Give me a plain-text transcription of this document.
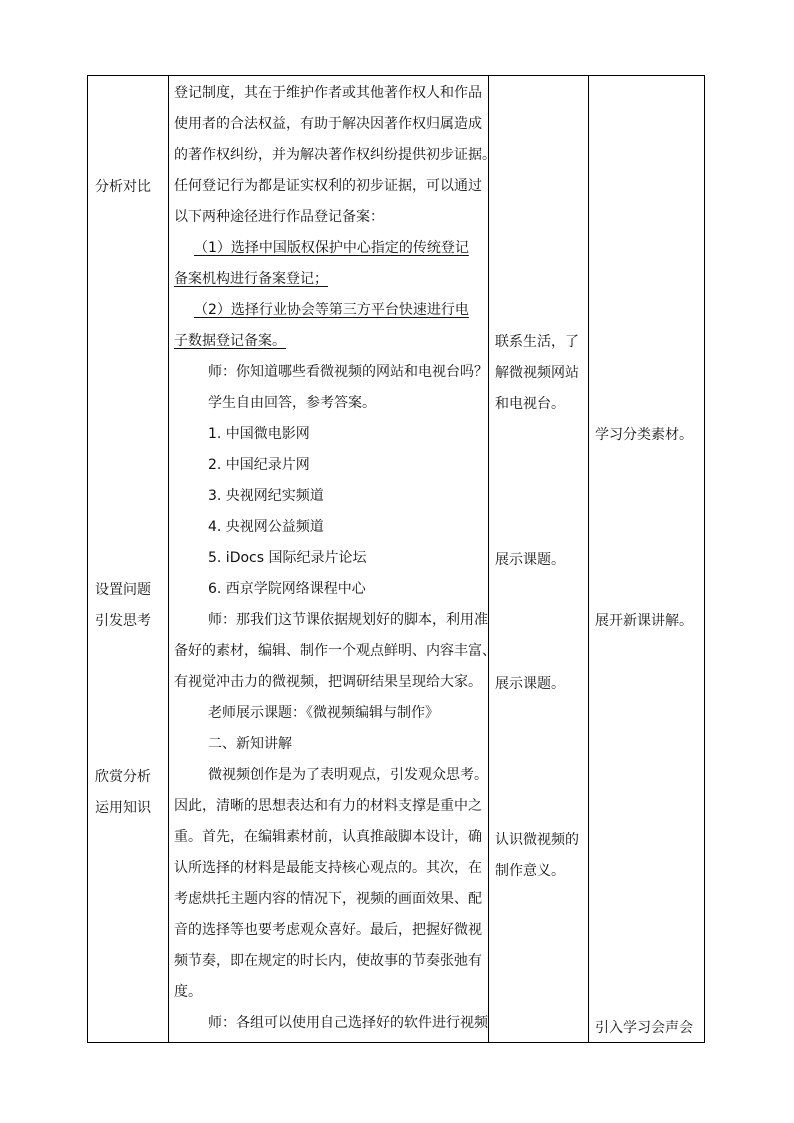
分析对比
设置问题
引发思考
欣赏分析
运用知识
登记制度，其在于维护作者或其他著作权人和作品
使用者的合法权益，有助于解决因著作权归属造成
的著作权纠纷，并为解决著作权纠纷提供初步证据。
任何登记行为都是证实权利的初步证据，可以通过
以下两种途径进行作品登记备案：
（1）选择中国版权保护中心指定的传统登记
备案机构进行备案登记；
（2）选择行业协会等第三方平台快速进行电
子数据登记备案。
师：你知道哪些看微视频的网站和电视台吗？
学生自由回答，参考答案。
1. 中国微电影网
2. 中国纪录片网
3. 央视网纪实频道
4. 央视网公益频道
5. iDocs 国际纪录片论坛
6. 西京学院网络课程中心
师：那我们这节课依据规划好的脚本，利用准
备好的素材，编辑、制作一个观点鲜明、内容丰富、
有视觉冲击力的微视频，把调研结果呈现给大家。
老师展示课题：《微视频编辑与制作》
二、新知讲解
微视频创作是为了表明观点，引发观众思考。
因此，清晰的思想表达和有力的材料支撑是重中之
重。首先，在编辑素材前，认真推敲脚本设计，确
认所选择的材料是最能支持核心观点的。其次，在
考虑烘托主题内容的情况下，视频的画面效果、配
音的选择等也要考虑观众喜好。最后，把握好微视
频节奏，即在规定的时长内，使故事的节奏张弛有
度。
师：各组可以使用自己选择好的软件进行视频
联系生活，了
解微视频网站
和电视台。
展示课题。
展示课题。
认识微视频的
制作意义。
学习分类素材。
展开新课讲解。
引入学习会声会
